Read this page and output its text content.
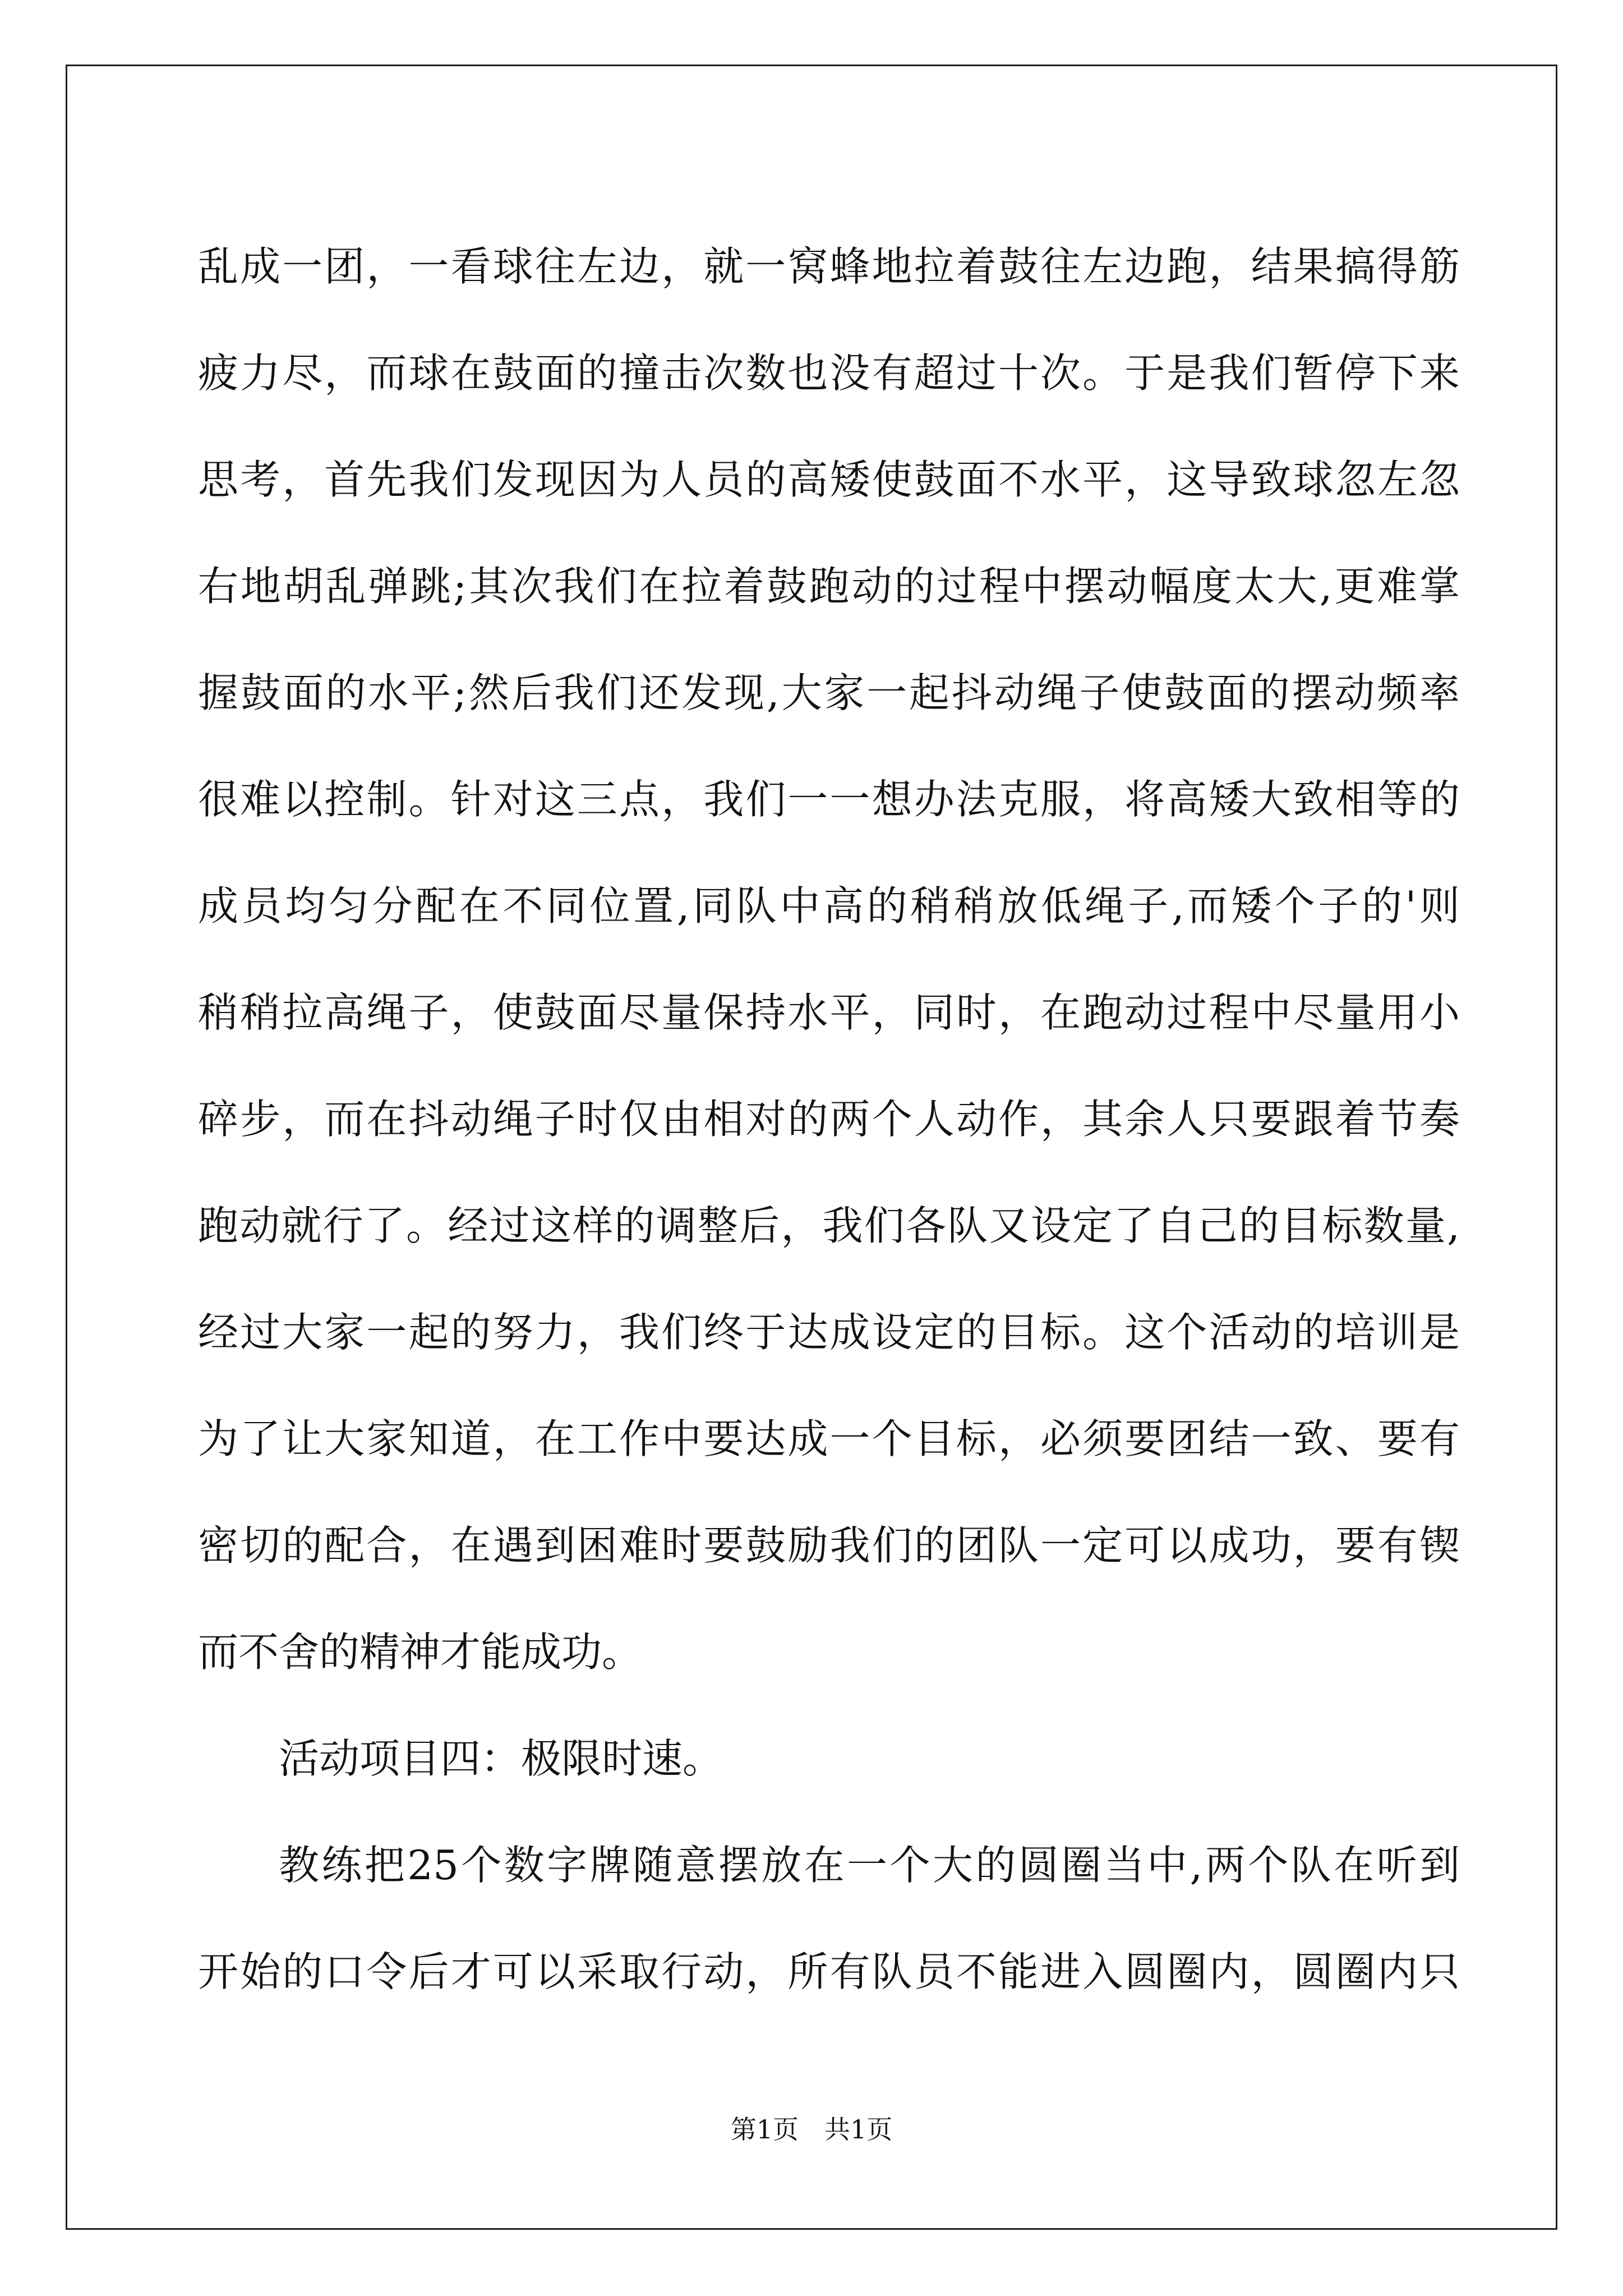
乱成一团，一看球往左边，就一窝蜂地拉着鼓往左边跑，结果搞得筋
疲力尽，而球在鼓面的撞击次数也没有超过十次。于是我们暂停下来
思考，首先我们发现因为人员的高矮使鼓面不水平，这导致球忽左忽
右地胡乱弹跳;其次我们在拉着鼓跑动的过程中摆动幅度太大,更难掌
握鼓面的水平;然后我们还发现,大家一起抖动绳子使鼓面的摆动频率
很难以控制。针对这三点，我们一一想办法克服，将高矮大致相等的
成员均匀分配在不同位置,同队中高的稍稍放低绳子,而矮个子的'则
稍稍拉高绳子，使鼓面尽量保持水平，同时，在跑动过程中尽量用小
碎步，而在抖动绳子时仅由相对的两个人动作，其余人只要跟着节奏
跑动就行了。经过这样的调整后，我们各队又设定了自己的目标数量,
经过大家一起的努力，我们终于达成设定的目标。这个活动的培训是
为了让大家知道，在工作中要达成一个目标，必须要团结一致、要有
密切的配合，在遇到困难时要鼓励我们的团队一定可以成功，要有锲
而不舍的精神才能成功。
活动项目四：极限时速。
教练把25个数字牌随意摆放在一个大的圆圈当中,两个队在听到
开始的口令后才可以采取行动，所有队员不能进入圆圈内，圆圈内只
第1页　共1页
